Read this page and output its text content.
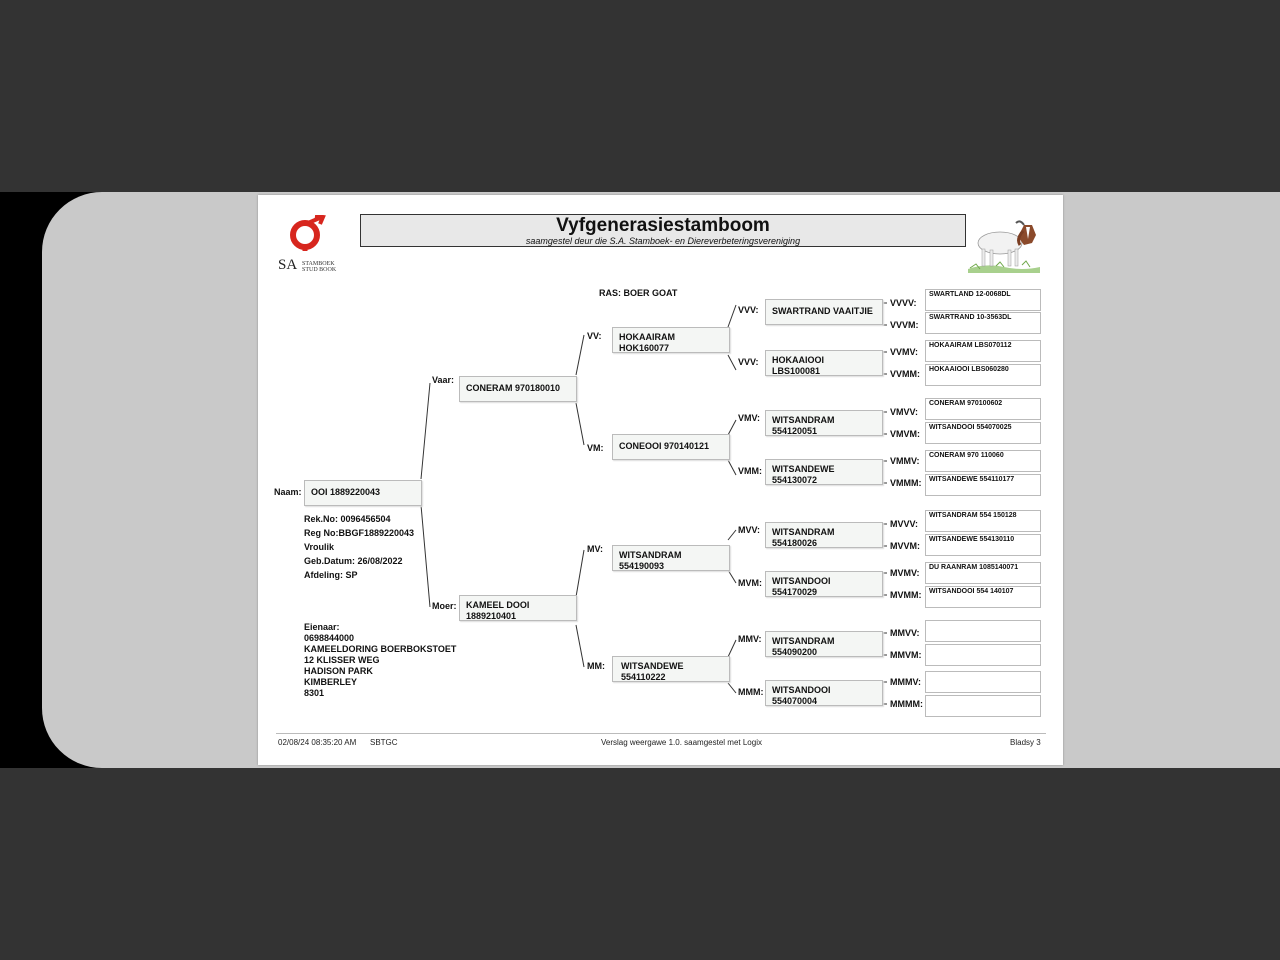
SA STAMBOEK
STUD BOOK
Vyfgenerasiestamboom
saamgestel deur die S.A. Stamboek- en Diereverbeteringsvereniging
RAS: BOER GOAT
Naam: OOI 1889220043
Rek.No: 0096456504
Reg No:BBGF1889220043
Vroulik
Geb.Datum: 26/08/2022
Afdeling: SP
Eienaar:
0698844000
KAMEELDORING BOERBOKSTOET
12 KLISSER WEG
HADISON PARK
KIMBERLEY
8301
Vaar:
CONERAM 970180010

Moer: KAMEEL DOOI
1889210401
VV: HOKAAIRAM
HOK160077
VM: CONEOOI 970140121

MV:
WITSANDRAM
554190093
MM: WITSANDEWE
554110222
VVV: SWARTRAND VAAITJIE

VVV: HOKAAIOOI
LBS100081
VMV: WITSANDRAM
554120051
VMM: WITSANDEWE
554130072
MVV: WITSANDRAM
554180026
MVM: WITSANDOOI
554170029
MMV: WITSANDRAM
554090200
MMM: WITSANDOOI
554070004
VVVV:
VVVM:
VVMV:
VVMM:
VMVV:
VMVM:
VMMV:
VMMM:
MVVV:
MVVM:
MVMV:
MVMM:
MMVV:
MMVM:
MMMV:
MMMM:
SWARTLAND 12-0068DL
SWARTRAND 10-3563DL
HOKAAIRAM LBS070112
HOKAAIOOI LBS060280
CONERAM 970100602
WITSANDOOI 554070025
CONERAM 970 110060
WITSANDEWE 554110177
WITSANDRAM 554 150128
WITSANDEWE 554130110
DU RAANRAM 1085140071
WITSANDOOI 554 140107
02/08/24 08:35:20 AM SBTGC	Verslag weergawe 1.0. saamgestel met Logix	Bladsy 3
